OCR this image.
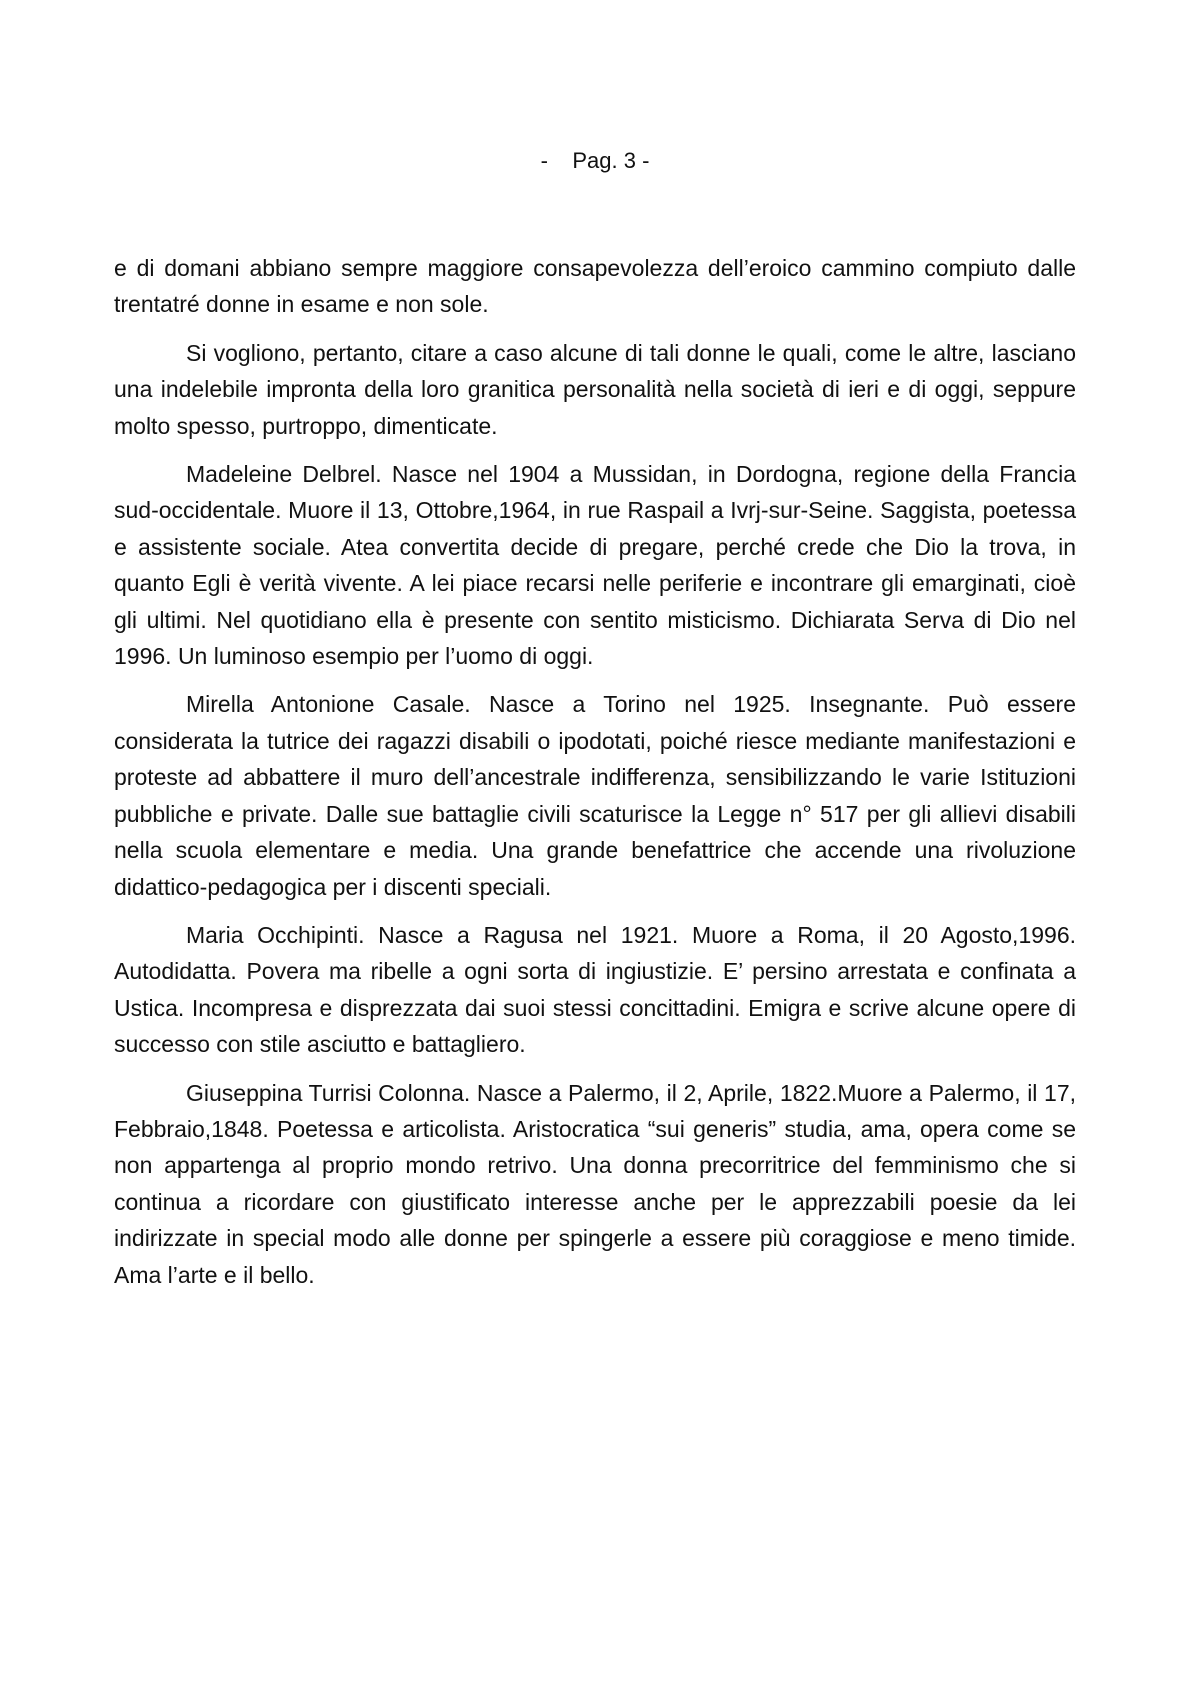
-    Pag. 3 -

e di domani abbiano sempre maggiore consapevolezza dell’eroico cammino compiuto dalle trentatré donne in esame e non sole.

Si vogliono, pertanto, citare a caso alcune di tali donne le quali, come le altre, lasciano una indelebile impronta della loro granitica personalità nella società di ieri e di oggi, seppure molto spesso, purtroppo, dimenticate.

Madeleine Delbrel. Nasce nel 1904 a Mussidan, in Dordogna, regione della Francia sud-occidentale. Muore il 13, Ottobre,1964, in rue Raspail a Ivrj-sur-Seine. Saggista, poetessa e assistente sociale. Atea convertita decide di pregare, perché crede che Dio la trova, in quanto Egli è verità vivente. A lei piace recarsi nelle periferie e incontrare gli emarginati, cioè gli ultimi. Nel quotidiano ella è presente con sentito misticismo. Dichiarata Serva di Dio nel 1996. Un luminoso esempio per l’uomo di oggi.

Mirella Antonione Casale. Nasce a Torino nel 1925. Insegnante. Può essere considerata la tutrice dei ragazzi disabili o ipodotati, poiché riesce mediante manifestazioni e proteste ad abbattere il muro dell’ancestrale indifferenza, sensibilizzando le varie Istituzioni pubbliche e private. Dalle sue battaglie civili scaturisce la Legge n° 517 per gli allievi disabili nella scuola elementare e media. Una grande benefattrice che accende una rivoluzione didattico-pedagogica per i discenti speciali.

Maria Occhipinti. Nasce a Ragusa nel 1921. Muore a Roma, il 20 Agosto,1996. Autodidatta. Povera ma ribelle a ogni sorta di ingiustizie. E’ persino arrestata e confinata a Ustica. Incompresa e disprezzata dai suoi stessi concittadini. Emigra e scrive alcune opere di successo con stile asciutto e battagliero.

Giuseppina Turrisi Colonna. Nasce a Palermo, il 2, Aprile, 1822.Muore a Palermo, il 17, Febbraio,1848. Poetessa e articolista. Aristocratica “sui generis” studia, ama, opera come se non appartenga al proprio mondo retrivo. Una donna precorritrice del femminismo che si continua a ricordare con giustificato interesse anche per le apprezzabili poesie da lei indirizzate in special modo alle donne per spingerle a essere più coraggiose e meno timide. Ama l’arte e il bello.
